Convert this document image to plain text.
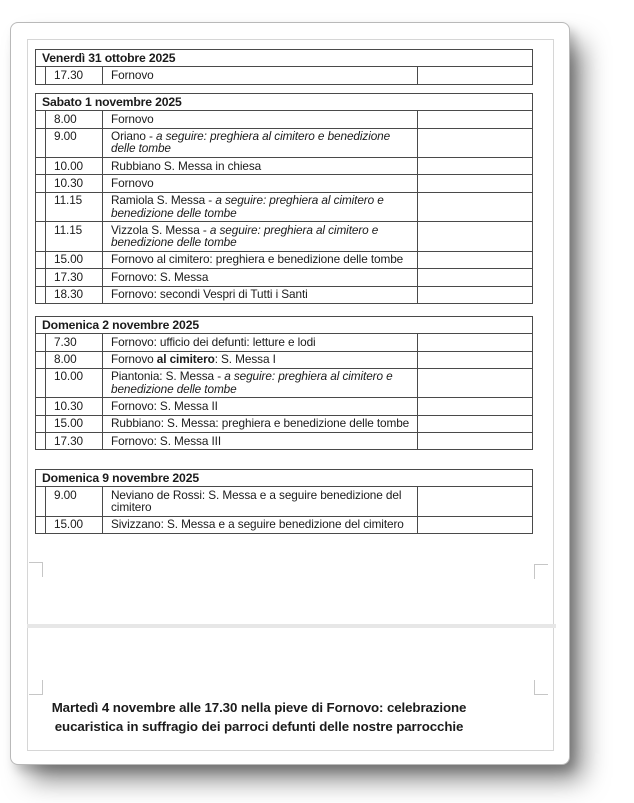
Venerdì 31 ottobre 2025
	17.30	Fornovo	
Sabato 1 novembre 2025			
	8.00	Fornovo	
	9.00	Oriano - a seguire: preghiera al cimitero e benedizione delle tombe	
	10.00	Rubbiano S. Messa in chiesa	
	10.30	Fornovo	
	11.15	Ramiola S. Messa - a seguire: preghiera al cimitero e benedizione delle tombe	
	11.15	Vizzola S. Messa - a seguire: preghiera al cimitero e benedizione delle tombe	
	15.00	Fornovo al cimitero: preghiera e benedizione delle tombe	
	17.30	Fornovo: S. Messa	
	18.30	Fornovo: secondi Vespri di Tutti i Santi	
Domenica 2 novembre 2025			
	7.30	Fornovo: ufficio dei defunti: letture e lodi	
	8.00	Fornovo al cimitero: S. Messa I	
	10.00	Piantonia: S. Messa - a seguire: preghiera al cimitero e benedizione delle tombe	
	10.30	Fornovo: S. Messa II	
	15.00	Rubbiano: S. Messa: preghiera e benedizione delle tombe	
	17.30	Fornovo: S. Messa III	
Domenica 9 novembre 2025			
	9.00	Neviano de Rossi: S. Messa e a seguire benedizione del cimitero	
	15.00	Sivizzano: S. Messa e a seguire benedizione del cimitero	
Martedì 4 novembre alle 17.30 nella pieve di Fornovo: celebrazione
eucaristica in suffragio dei parroci defunti delle nostre parrocchie
